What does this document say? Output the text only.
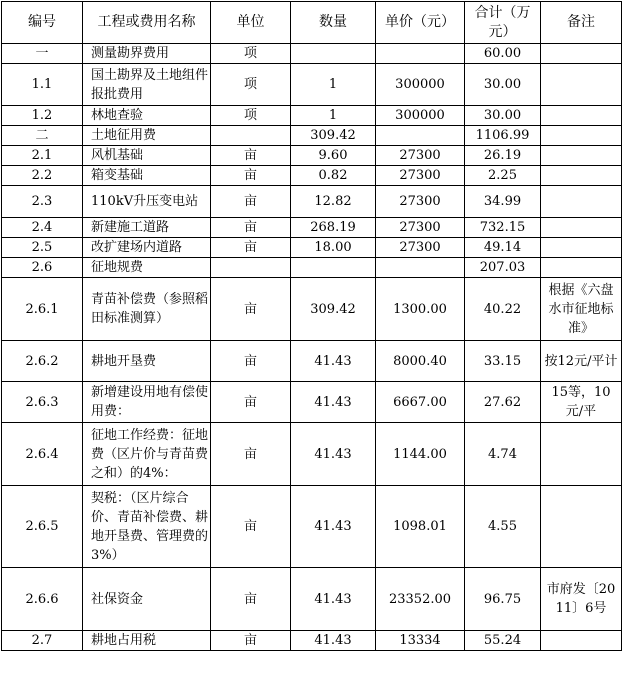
编号	工程或费用名称	单位	数量	单价（元）	合计（万元）	备注
一	测量勘界费用	项			60.00	
1.1	国土勘界及土地组件报批费用	项	1	300000	30.00	
1.2	林地查验	项	1	300000	30.00	
二	土地征用费		309.42		1106.99	
2.1	风机基础	亩	9.60	27300	26.19	
2.2	箱变基础	亩	0.82	27300	2.25	
2.3	110kV升压变电站	亩	12.82	27300	34.99	
2.4	新建施工道路	亩	268.19	27300	732.15	
2.5	改扩建场内道路	亩	18.00	27300	49.14	
2.6	征地规费				207.03	
2.6.1	青苗补偿费（参照稻田标准测算）	亩	309.42	1300.00	40.22	根据《六盘水市征地标准》
2.6.2	耕地开垦费	亩	41.43	8000.40	33.15	按12元/平计
2.6.3	新增建设用地有偿使用费：	亩	41.43	6667.00	27.62	15等，10元/平
2.6.4	征地工作经费：征地费（区片价与青苗费之和）的4%：	亩	41.43	1144.00	4.74	
2.6.5	契税：（区片综合价、青苗补偿费、耕地开垦费、管理费的3%）	亩	41.43	1098.01	4.55	
2.6.6	社保资金	亩	41.43	23352.00	96.75	市府发〔2011〕6号
2.7	耕地占用税	亩	41.43	13334	55.24	
